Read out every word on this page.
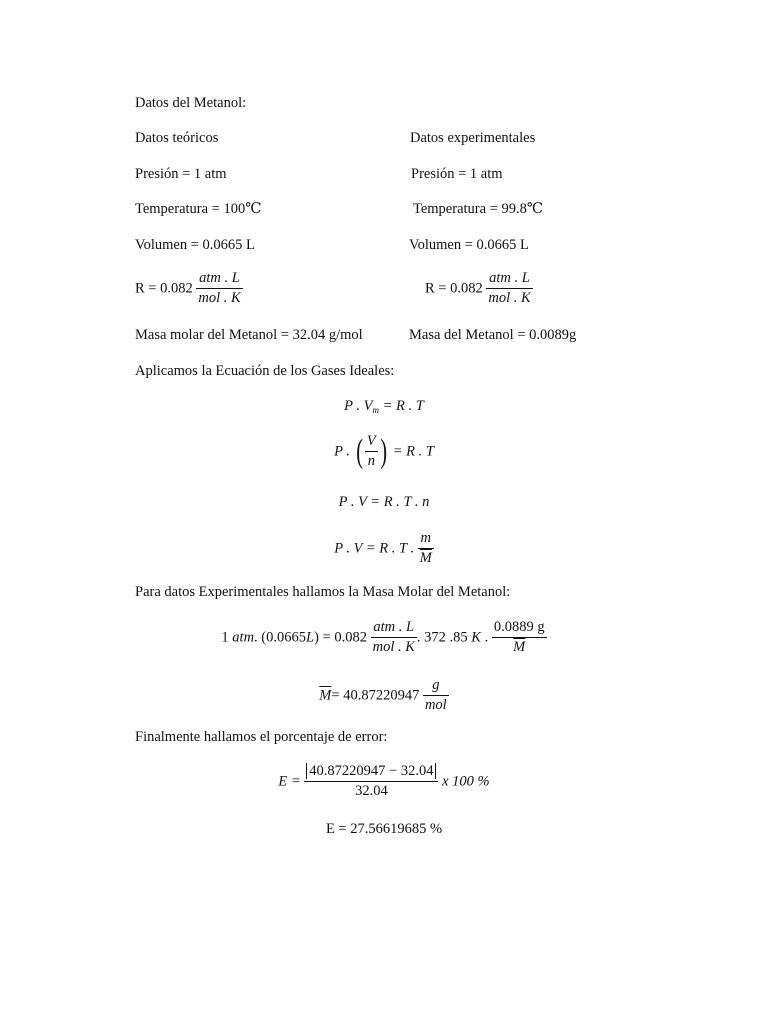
Datos del Metanol:
Datos teóricos
Presión = 1 atm
Temperatura = 100℃
Volumen = 0.0665 L
$R = 0.082 \frac{\text{atm . L}}{\text{mol . K}}$
Masa molar del Metanol = 32.04 g/mol
Datos experimentales
Presión = 1 atm
Temperatura = 99.8℃
Volumen = 0.0665 L
$R = 0.082 \frac{\text{atm . L}}{\text{mol . K}}$
Masa del Metanol = 0.0089g
Aplicamos la Ecuación de los Gases Ideales:
P . $V_m = R$ . T
P . ( $\frac{V}{n}$ ) = R . T
P . V = R . T . n
P . V = R . T . $\frac{m}{M}$
Para datos Experimentales hallamos la Masa Molar del Metanol:
1 atm. $(0.0665L) = 0.082 \frac{\text{atm . L}}{\text{mol . K}}$ . 372 .85 K . $\frac{0.0889 g}{M}$
$\overline{M}= 40.87220947 \frac{g}{\text{mol}}$
Finalmente hallamos el porcentaje de error:
$E = \frac{40.87220947 - 32.04}{32.04}$ x 100 %
E = 27.56619685 %
